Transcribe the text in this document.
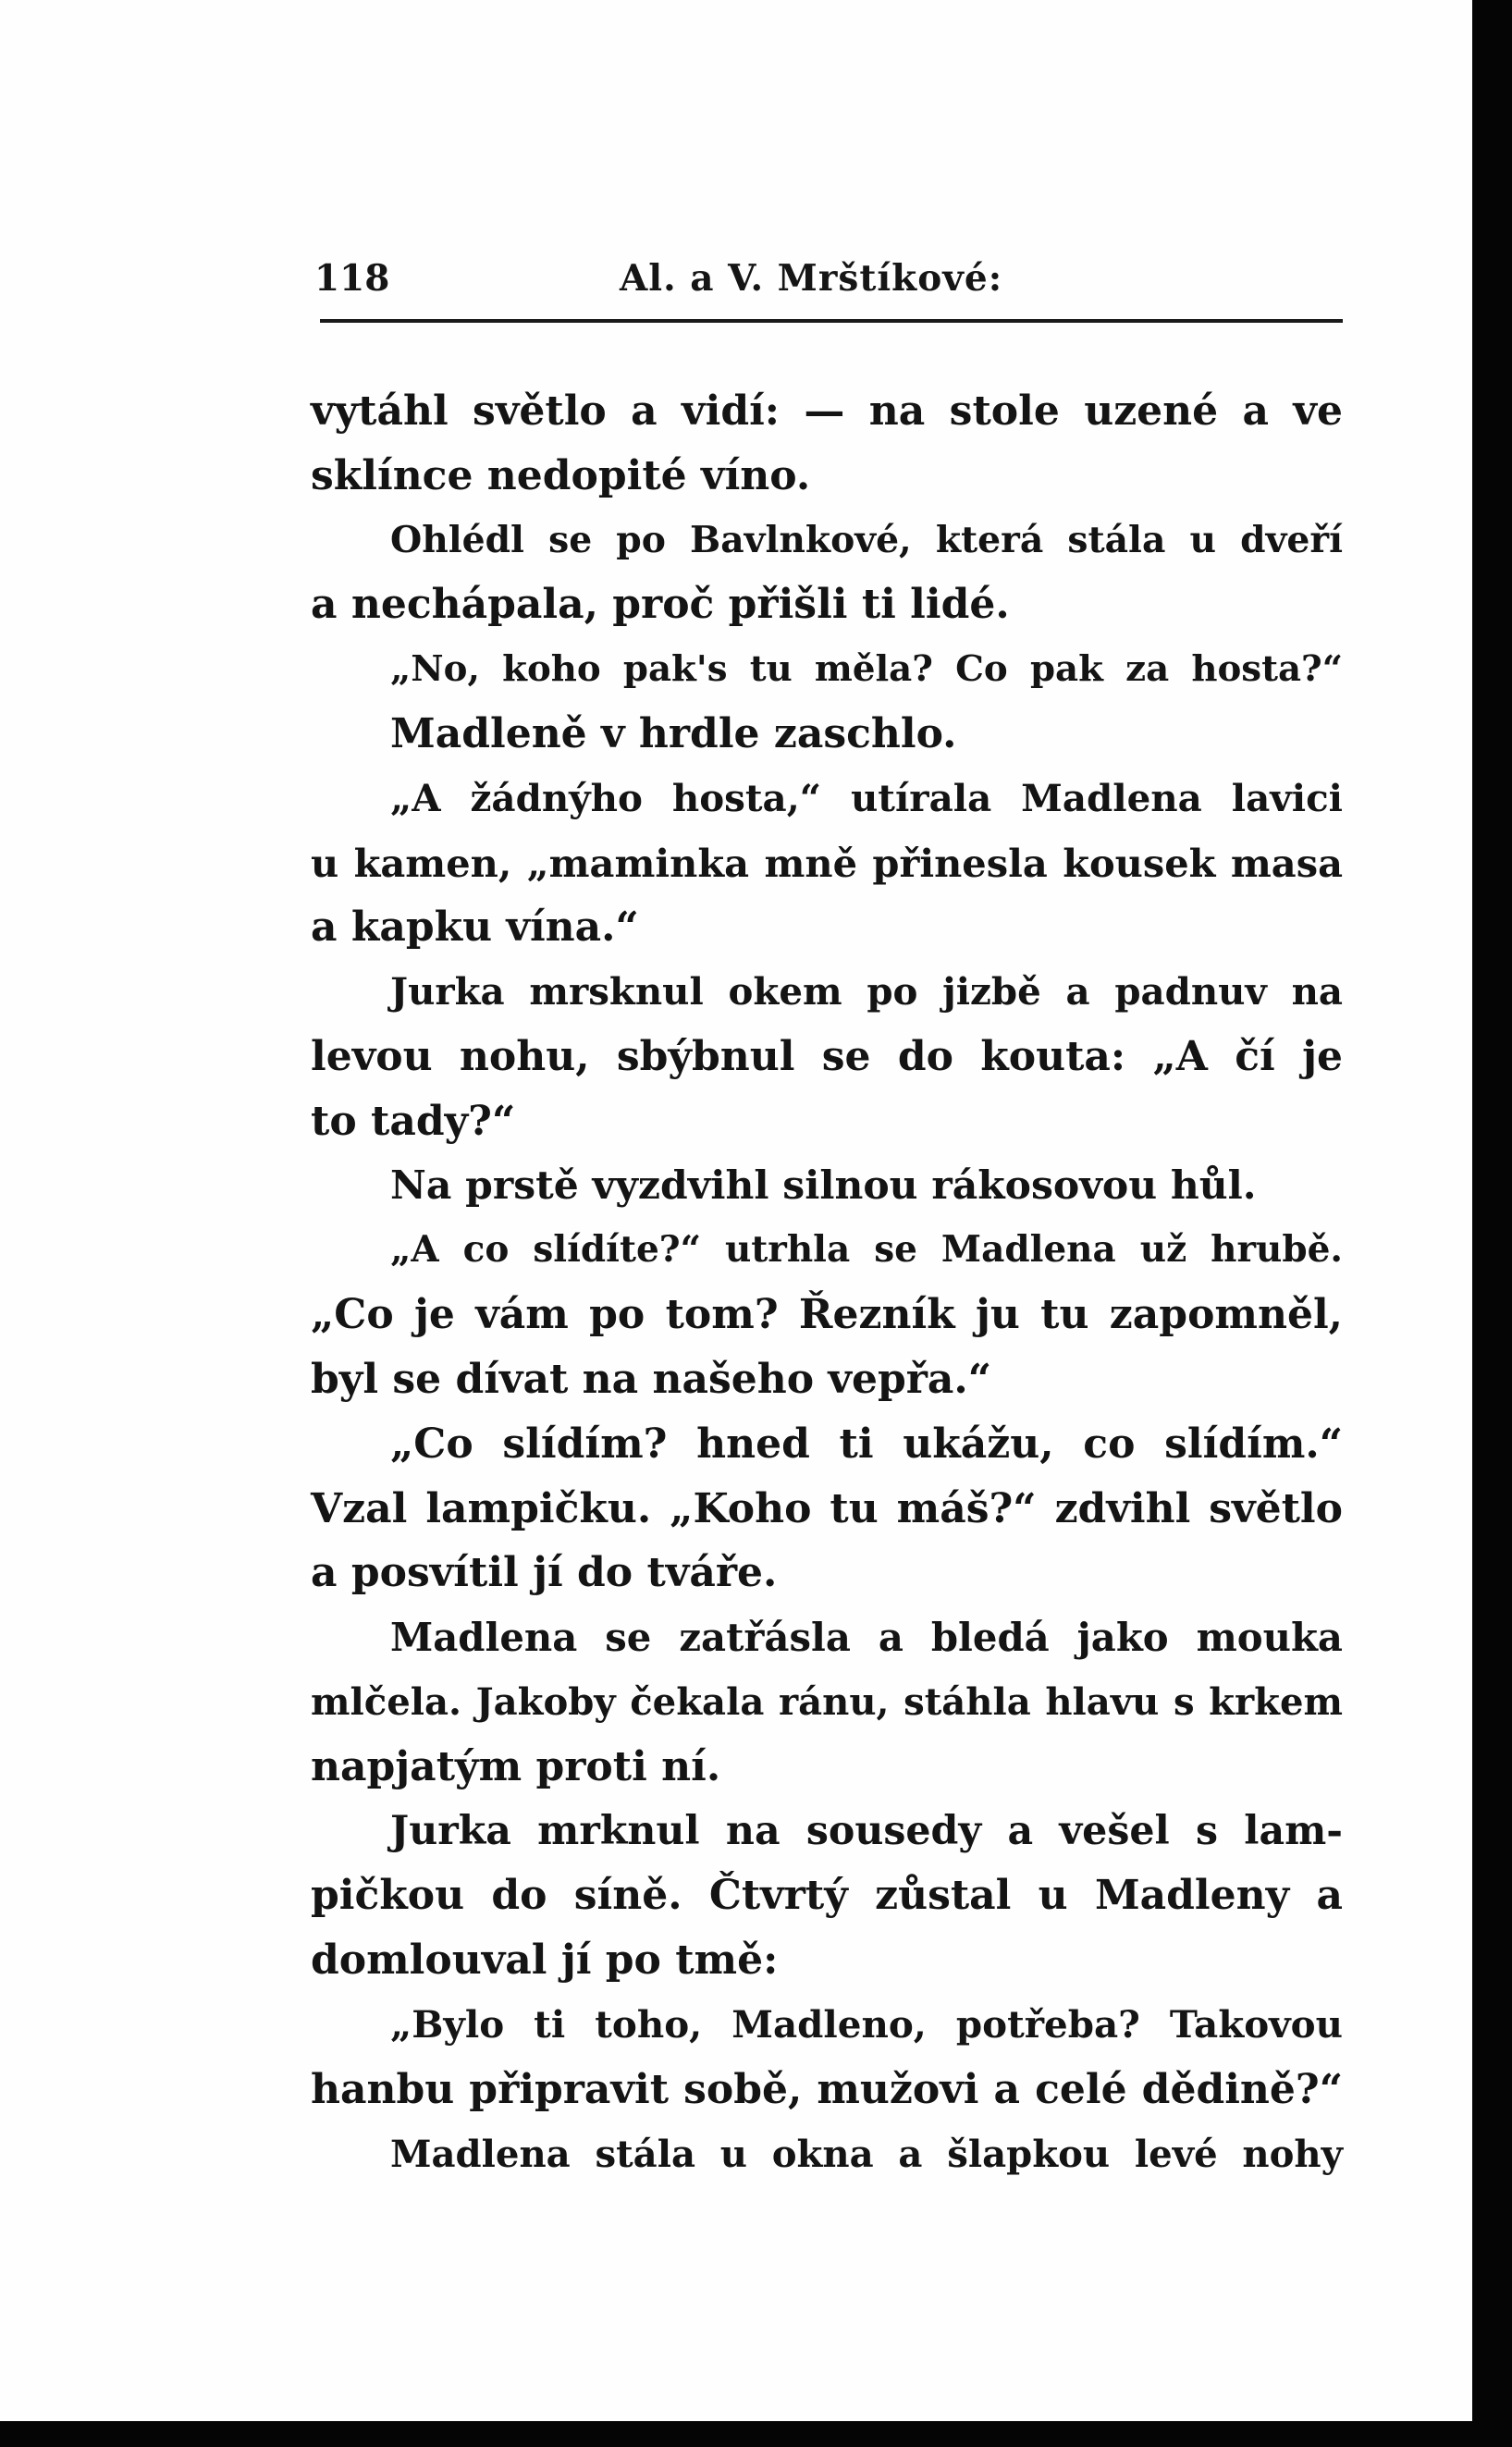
118	Al. a V. Mrštíkové:
vytáhl světlo a vidí: — na stole uzené a ve
sklínce nedopité víno.
Ohlédl se po Bavlnkové, která stála u dveří
a nechápala, proč přišli ti lidé.
„No, koho pak's tu měla? Co pak za hosta?“
Madleně v hrdle zaschlo.
„A žádnýho hosta,“ utírala Madlena lavici
u kamen, „maminka mně přinesla kousek masa
a kapku vína.“
Jurka mrsknul okem po jizbě a padnuv na
levou nohu, sbýbnul se do kouta: „A čí je
to tady?“
Na prstě vyzdvihl silnou rákosovou hůl.
„A co slídíte?“ utrhla se Madlena už hrubě.
„Co je vám po tom? Řezník ju tu zapomněl,
byl se dívat na našeho vepřa.“
„Co slídím? hned ti ukážu, co slídím.“
Vzal lampičku. „Koho tu máš?“ zdvihl světlo
a posvítil jí do tváře.
Madlena se zatřásla a bledá jako mouka
mlčela. Jakoby čekala ránu, stáhla hlavu s krkem
napjatým proti ní.
Jurka mrknul na sousedy a vešel s lam-
pičkou do síně. Čtvrtý zůstal u Madleny a
domlouval jí po tmě:
„Bylo ti toho, Madleno, potřeba? Takovou
hanbu připravit sobě, mužovi a celé dědině?“
Madlena stála u okna a šlapkou levé nohy
